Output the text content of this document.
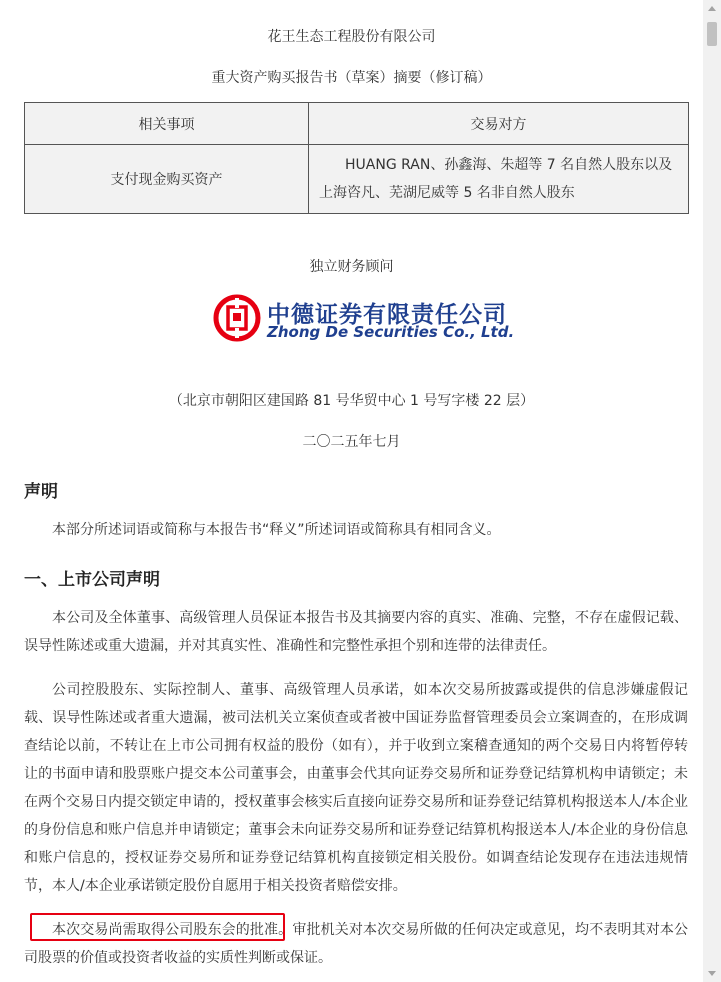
花王生态工程股份有限公司
重大资产购买报告书（草案）摘要（修订稿）
相关事项	交易对方
支付现金购买资产	HUANG RAN、孙鑫海、朱超等 7 名自然人股东以及
上海咨凡、芜湖尼威等 5 名非自然人股东
独立财务顾问
中德证券有限责任公司
Zhong De Securities Co., Ltd.
（北京市朝阳区建国路 81 号华贸中心 1 号写字楼 22 层）
二〇二五年七月
声明

本部分所述词语或简称与本报告书“释义”所述词语或简称具有相同含义。

一、上市公司声明

本公司及全体董事、高级管理人员保证本报告书及其摘要内容的真实、准确、完整，不存在虚假记载、误导性陈述或重大遗漏，并对其真实性、准确性和完整性承担个别和连带的法律责任。

公司控股股东、实际控制人、董事、高级管理人员承诺，如本次交易所披露或提供的信息涉嫌虚假记载、误导性陈述或者重大遗漏，被司法机关立案侦查或者被中国证券监督管理委员会立案调查的，在形成调查结论以前，不转让在上市公司拥有权益的股份（如有），并于收到立案稽查通知的两个交易日内将暂停转让的书面申请和股票账户提交本公司董事会，由董事会代其向证券交易所和证券登记结算机构申请锁定；未在两个交易日内提交锁定申请的，授权董事会核实后直接向证券交易所和证券登记结算机构报送本人/本企业的身份信息和账户信息并申请锁定；董事会未向证券交易所和证券登记结算机构报送本人/本企业的身份信息和账户信息的，授权证券交易所和证券登记结算机构直接锁定相关股份。如调查结论发现存在违法违规情节，本人/本企业承诺锁定股份自愿用于相关投资者赔偿安排。

本次交易尚需取得公司股东会的批准。审批机关对本次交易所做的任何决定或意见，均不表明其对本公司股票的价值或投资者收益的实质性判断或保证。
